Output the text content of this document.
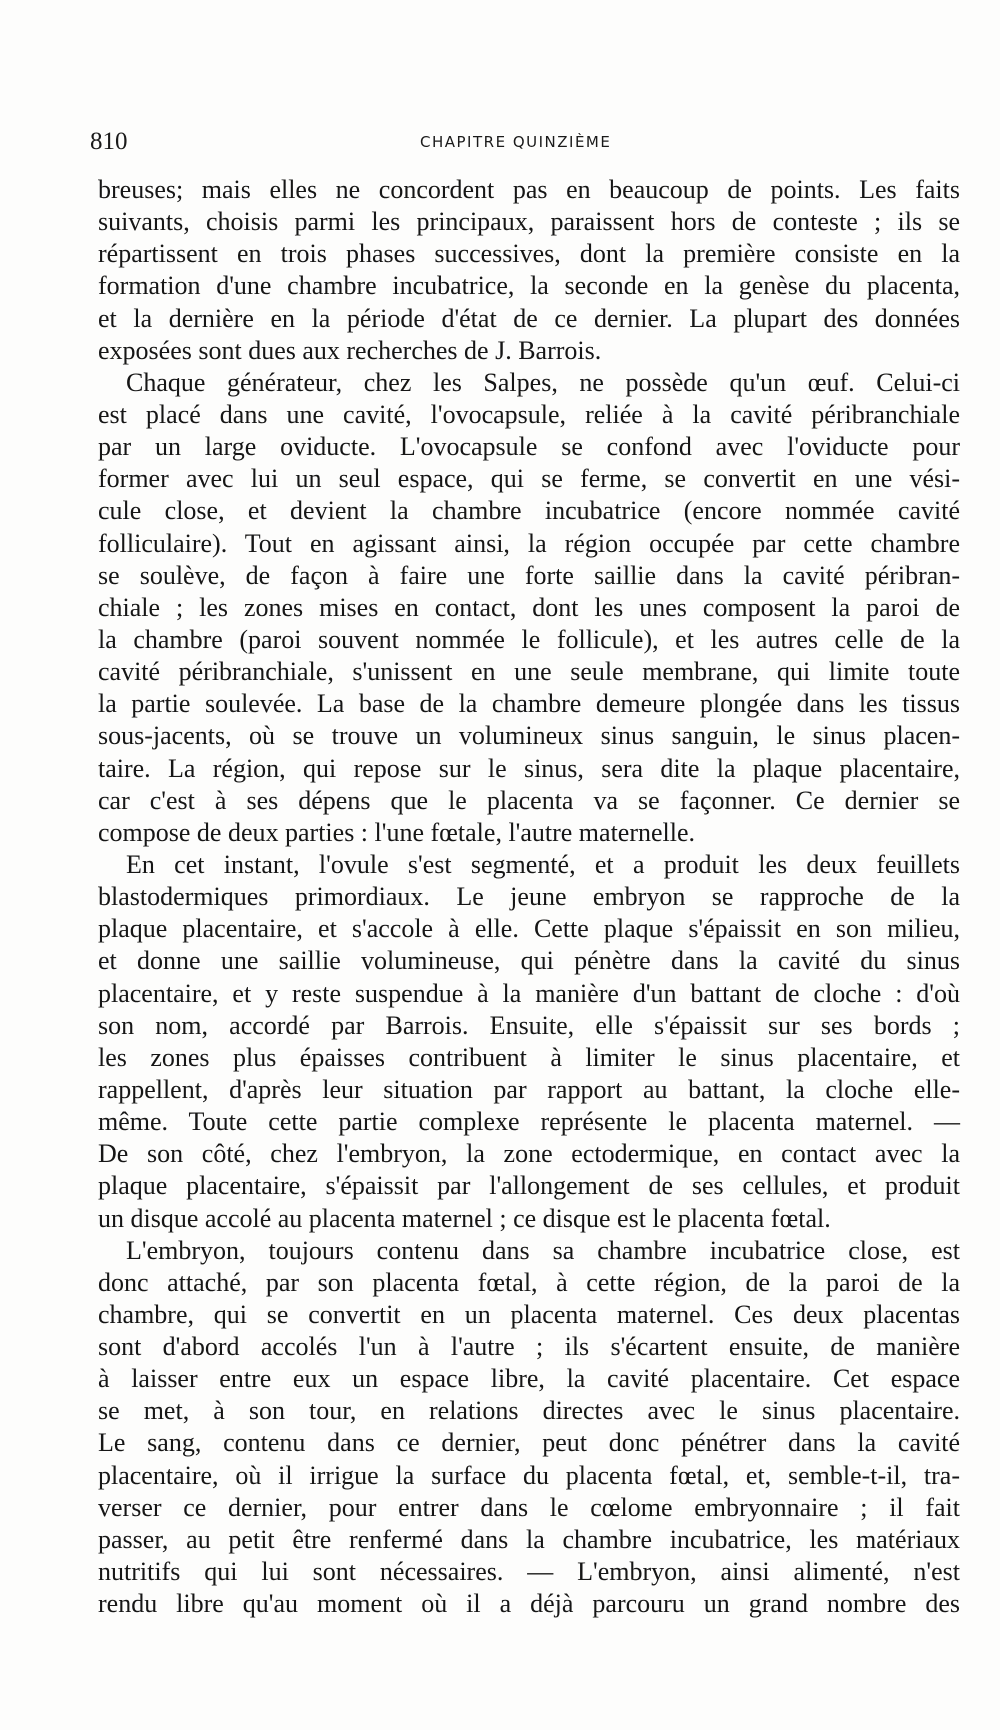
810	CHAPITRE QUINZIÈME
breuses; mais elles ne concordent pas en beaucoup de points. Les faits
suivants, choisis parmi les principaux, paraissent hors de conteste ; ils se
répartissent en trois phases successives, dont la première consiste en la
formation d'une chambre incubatrice, la seconde en la genèse du placenta,
et la dernière en la période d'état de ce dernier. La plupart des données
exposées sont dues aux recherches de J. Barrois.
Chaque générateur, chez les Salpes, ne possède qu'un œuf. Celui-ci
est placé dans une cavité, l'ovocapsule, reliée à la cavité péribranchiale
par un large oviducte. L'ovocapsule se confond avec l'oviducte pour
former avec lui un seul espace, qui se ferme, se convertit en une vési-
cule close, et devient la chambre incubatrice (encore nommée cavité
folliculaire). Tout en agissant ainsi, la région occupée par cette chambre
se soulève, de façon à faire une forte saillie dans la cavité péribran-
chiale ; les zones mises en contact, dont les unes composent la paroi de
la chambre (paroi souvent nommée le follicule), et les autres celle de la
cavité péribranchiale, s'unissent en une seule membrane, qui limite toute
la partie soulevée. La base de la chambre demeure plongée dans les tissus
sous-jacents, où se trouve un volumineux sinus sanguin, le sinus placen-
taire. La région, qui repose sur le sinus, sera dite la plaque placentaire,
car c'est à ses dépens que le placenta va se façonner. Ce dernier se
compose de deux parties : l'une fœtale, l'autre maternelle.
En cet instant, l'ovule s'est segmenté, et a produit les deux feuillets
blastodermiques primordiaux. Le jeune embryon se rapproche de la
plaque placentaire, et s'accole à elle. Cette plaque s'épaissit en son milieu,
et donne une saillie volumineuse, qui pénètre dans la cavité du sinus
placentaire, et y reste suspendue à la manière d'un battant de cloche : d'où
son nom, accordé par Barrois. Ensuite, elle s'épaissit sur ses bords ;
les zones plus épaisses contribuent à limiter le sinus placentaire, et
rappellent, d'après leur situation par rapport au battant, la cloche elle-
même. Toute cette partie complexe représente le placenta maternel. —
De son côté, chez l'embryon, la zone ectodermique, en contact avec la
plaque placentaire, s'épaissit par l'allongement de ses cellules, et produit
un disque accolé au placenta maternel ; ce disque est le placenta fœtal.
L'embryon, toujours contenu dans sa chambre incubatrice close, est
donc attaché, par son placenta fœtal, à cette région, de la paroi de la
chambre, qui se convertit en un placenta maternel. Ces deux placentas
sont d'abord accolés l'un à l'autre ; ils s'écartent ensuite, de manière
à laisser entre eux un espace libre, la cavité placentaire. Cet espace
se met, à son tour, en relations directes avec le sinus placentaire.
Le sang, contenu dans ce dernier, peut donc pénétrer dans la cavité
placentaire, où il irrigue la surface du placenta fœtal, et, semble-t-il, tra-
verser ce dernier, pour entrer dans le cœlome embryonnaire ; il fait
passer, au petit être renfermé dans la chambre incubatrice, les matériaux
nutritifs qui lui sont nécessaires. — L'embryon, ainsi alimenté, n'est
rendu libre qu'au moment où il a déjà parcouru un grand nombre des
